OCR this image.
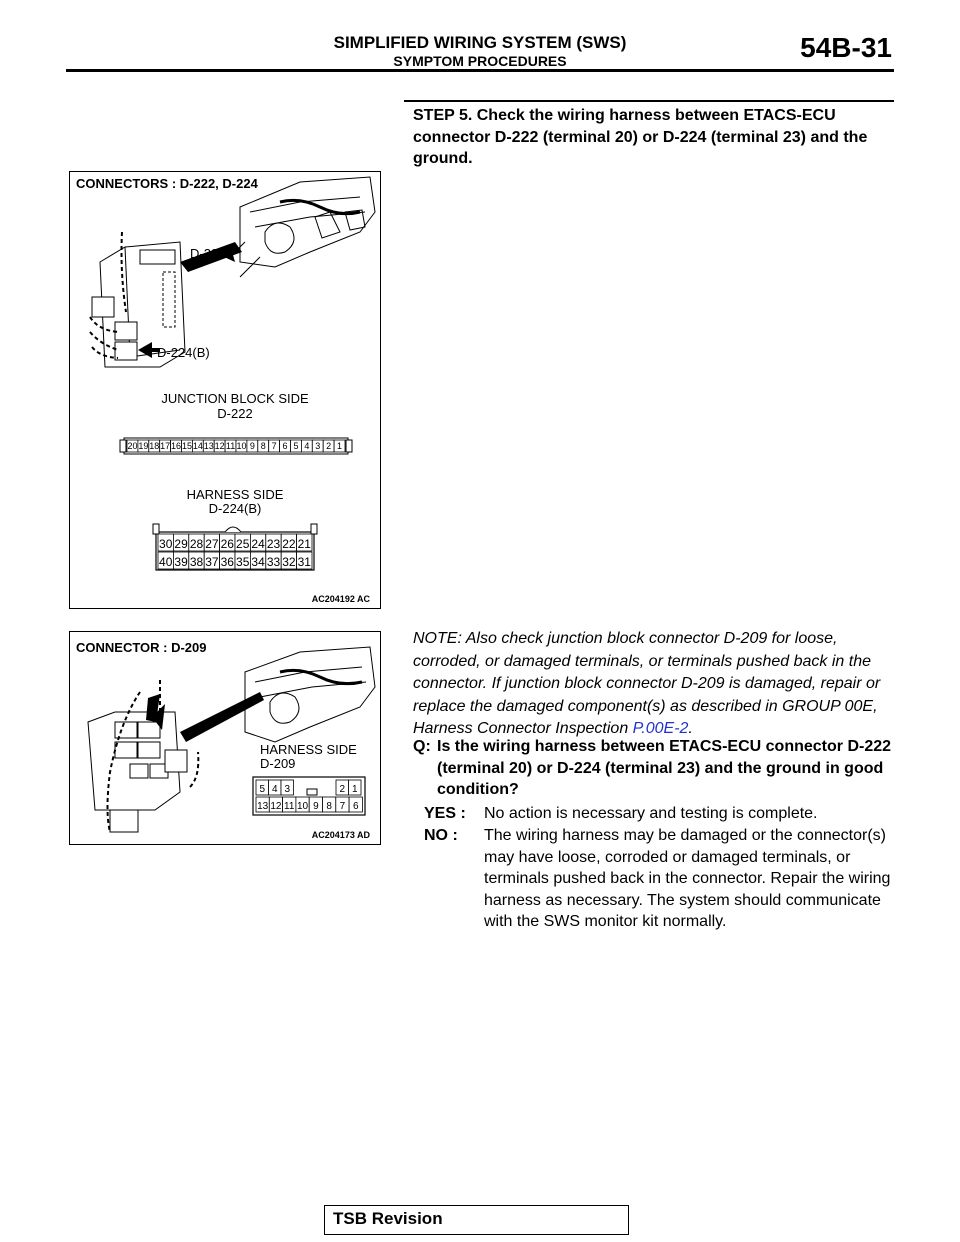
SIMPLIFIED WIRING SYSTEM (SWS)
SYMPTOM PROCEDURES	54B-31
STEP 5. Check the wiring harness between ETACS-ECU connector D-222 (terminal 20) or D-224 (terminal 23) and the ground.
CONNECTORS : D-222, D-224
D-222
D-224(B)
JUNCTION BLOCK SIDE
D-222
20 19 18 17 16 15 14 13 12 11 10 9 8 7 6 5 4 3 2 1
HARNESS SIDE
D-224(B)
30 29 28 27 26 25 24 23 22 21
40 39 38 37 36 35 34 33 32 31
AC204192 AC
CONNECTOR : D-209
HARNESS SIDE
D-209
5 4 3	2 1
13 12 11 10 9 8 7 6
AC204173 AD
NOTE: Also check junction block connector D-209 for loose, corroded, or damaged terminals, or terminals pushed back in the connector. If junction block connector D-209 is damaged, repair or replace the damaged component(s) as described in GROUP 00E, Harness Connector Inspection P.00E-2.
Q: Is the wiring harness between ETACS-ECU connector D-222 (terminal 20) or D-224 (terminal 23) and the ground in good condition?
YES : No action is necessary and testing is complete.
NO : The wiring harness may be damaged or the connector(s) may have loose, corroded or damaged terminals, or terminals pushed back in the connector. Repair the wiring harness as necessary. The system should communicate with the SWS monitor kit normally.
TSB Revision
